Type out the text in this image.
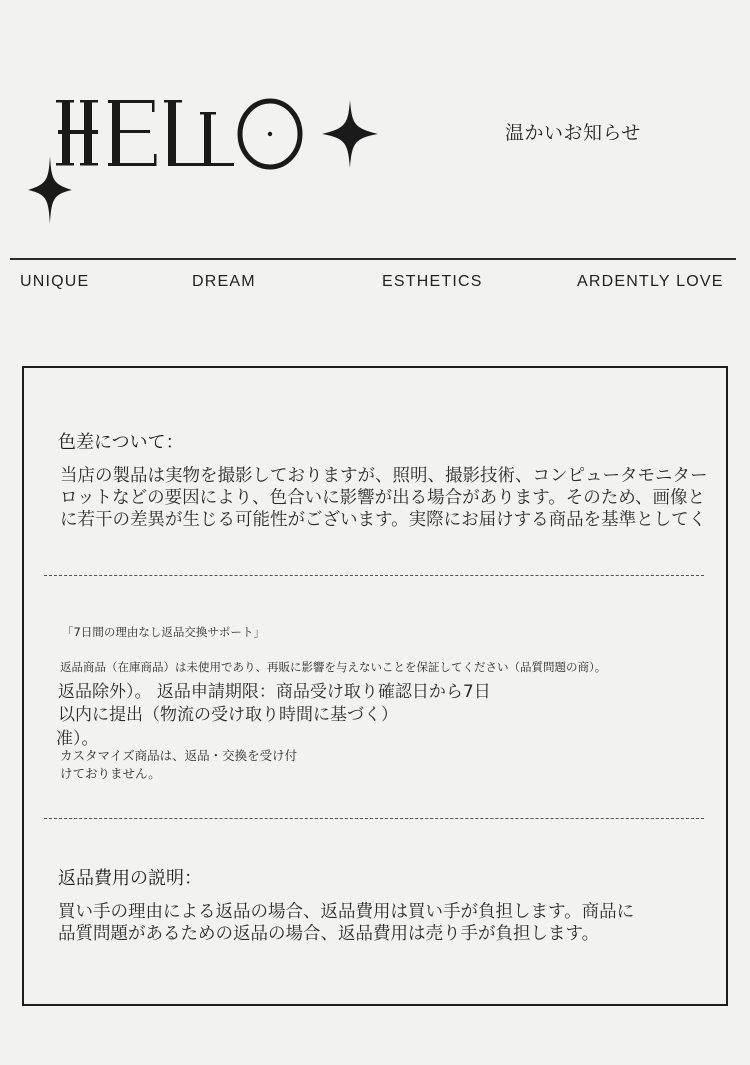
温かいお知らせ
UNIQUE	DREAM	ESTHETICS	ARDENTLY LOVE
色差について：
当店の製品は実物を撮影しておりますが、照明、撮影技術、コンピュータモニター
ロットなどの要因により、色合いに影響が出る場合があります。そのため、画像と
に若干の差異が生じる可能性がございます。実際にお届けする商品を基準としてく
「7日間の理由なし返品交換サポート」
返品商品（在庫商品）は未使用であり、再販に影響を与えないことを保証してください（品質問題の商）。
返品除外）。 返品申請期限：商品受け取り確認日から7日
以内に提出（物流の受け取り時間に基づく）
准）。
カスタマイズ商品は、返品・交換を受け付
けておりません。
返品費用の説明：
買い手の理由による返品の場合、返品費用は買い手が負担します。商品に
品質問題があるための返品の場合、返品費用は売り手が負担します。
